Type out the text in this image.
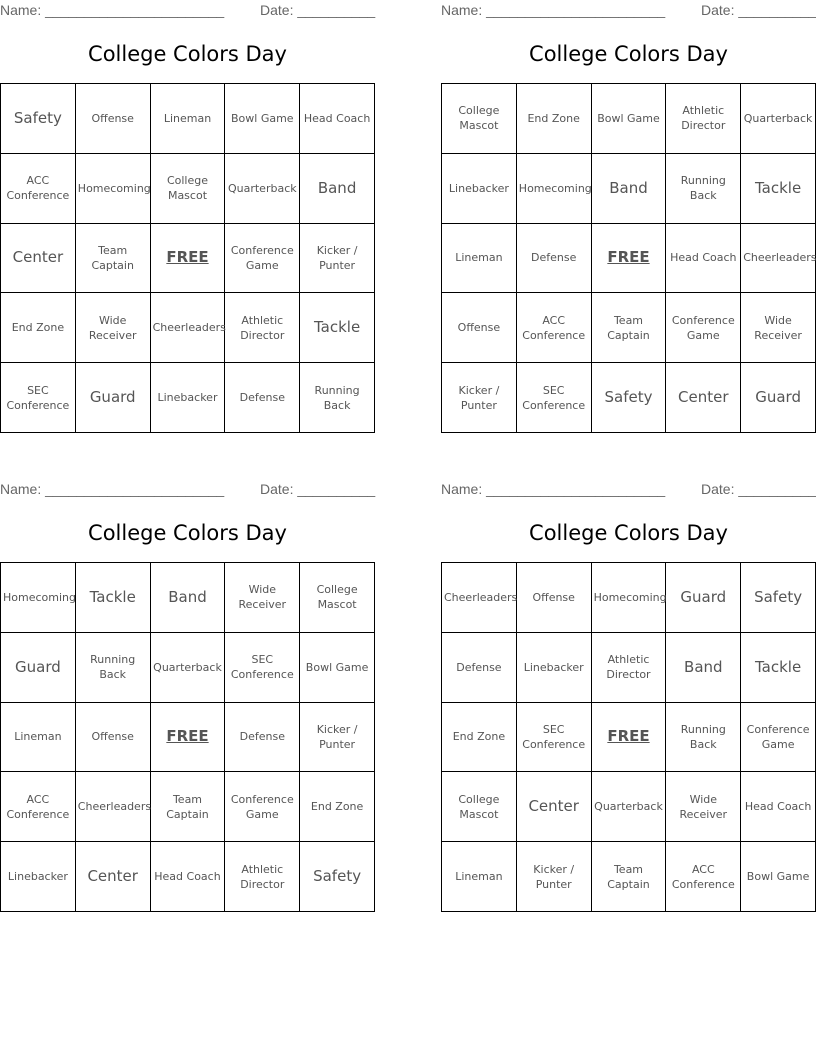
Name: _______________________	Date: __________
College Colors Day
Safety	Offense	Lineman	Bowl Game	Head Coach
ACC Conference	Homecoming	College Mascot	Quarterback	Band
Center	Team Captain	FREE	Conference Game	Kicker / Punter
End Zone	Wide Receiver	Cheerleaders	Athletic Director	Tackle
SEC Conference	Guard	Linebacker	Defense	Running Back
Name: _______________________	Date: __________
College Colors Day
College Mascot	End Zone	Bowl Game	Athletic Director	Quarterback
Linebacker	Homecoming	Band	Running Back	Tackle
Lineman	Defense	FREE	Head Coach	Cheerleaders
Offense	ACC Conference	Team Captain	Conference Game	Wide Receiver
Kicker / Punter	SEC Conference	Safety	Center	Guard
Name: _______________________	Date: __________
College Colors Day
Homecoming	Tackle	Band	Wide Receiver	College Mascot
Guard	Running Back	Quarterback	SEC Conference	Bowl Game
Lineman	Offense	FREE	Defense	Kicker / Punter
ACC Conference	Cheerleaders	Team Captain	Conference Game	End Zone
Linebacker	Center	Head Coach	Athletic Director	Safety
Name: _______________________	Date: __________
College Colors Day
Cheerleaders	Offense	Homecoming	Guard	Safety
Defense	Linebacker	Athletic Director	Band	Tackle
End Zone	SEC Conference	FREE	Running Back	Conference Game
College Mascot	Center	Quarterback	Wide Receiver	Head Coach
Lineman	Kicker / Punter	Team Captain	ACC Conference	Bowl Game
